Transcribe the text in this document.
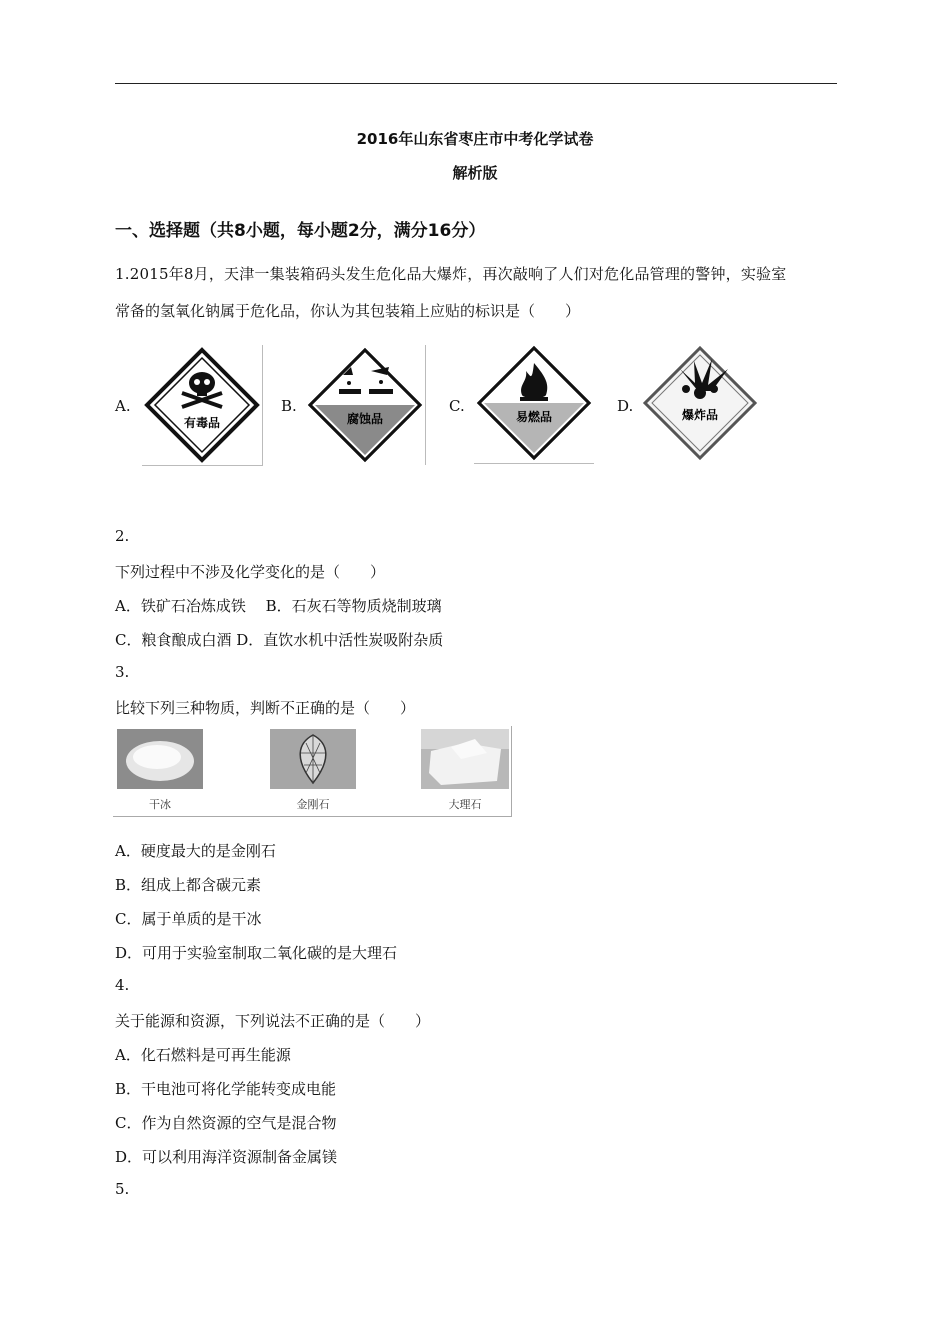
2016年山东省枣庄市中考化学试卷
解析版
一、选择题（共8小题，每小题2分，满分16分）
1.2015年8月，天津一集装箱码头发生危化品大爆炸，再次敲响了人们对危化品管理的警钟，实验室
常备的氢氧化钠属于危化品，你认为其包装箱上应贴的标识是（　　）
A.
有毒品
B.
腐蚀品
C.
易燃品
D.	爆炸品
2.
下列过程中不涉及化学变化的是（　　）
A．铁矿石冶炼成铁　 B．石灰石等物质烧制玻璃
C．粮食酿成白酒 D．直饮水机中活性炭吸附杂质
3.
比较下列三种物质，判断不正确的是（　　）
干冰	金刚石	大理石
A．硬度最大的是金刚石
B．组成上都含碳元素
C．属于单质的是干冰
D．可用于实验室制取二氧化碳的是大理石
4.
关于能源和资源，下列说法不正确的是（　　）
A．化石燃料是可再生能源
B．干电池可将化学能转变成电能
C．作为自然资源的空气是混合物
D．可以利用海洋资源制备金属镁
5.
